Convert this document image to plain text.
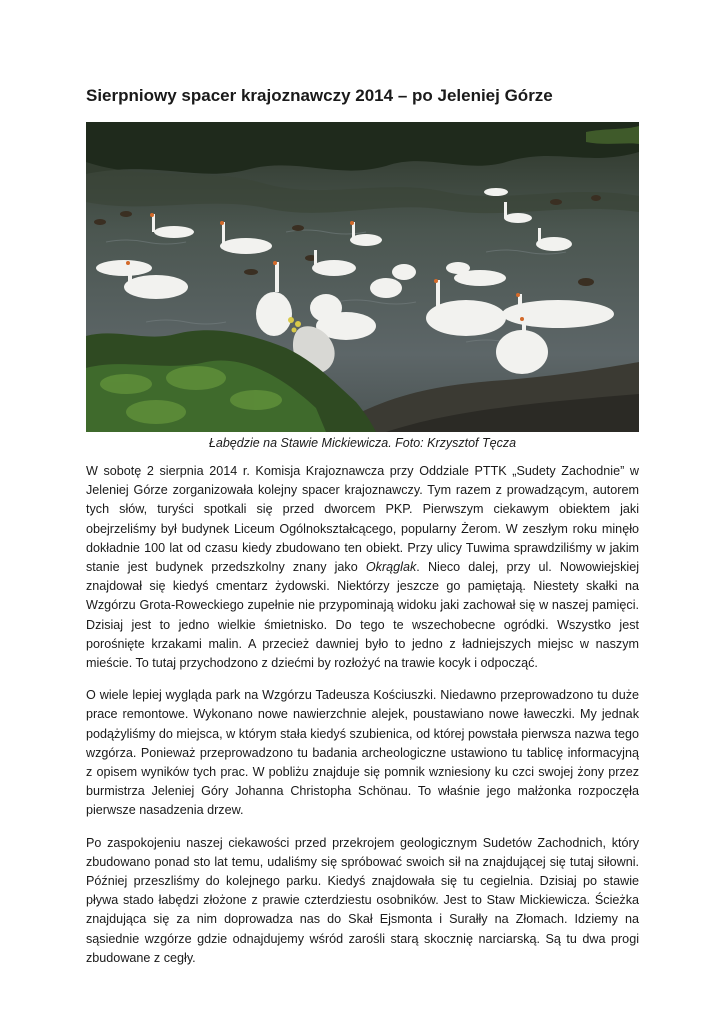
Sierpniowy spacer krajoznawczy 2014 – po Jeleniej Górze

Łabędzie na Stawie Mickiewicza. Foto: Krzysztof Tęcza

W sobotę 2 sierpnia 2014 r. Komisja Krajoznawcza przy Oddziale PTTK „Sudety Zachodnie” w Jeleniej Górze zorganizowała kolejny spacer krajoznawczy. Tym razem z prowadzącym, autorem tych słów, turyści spotkali się przed dworcem PKP. Pierwszym ciekawym obiektem jaki obejrzeliśmy był budynek Liceum Ogólnokształcącego, popularny Żerom. W zeszłym roku minęło dokładnie 100 lat od czasu kiedy zbudowano ten obiekt. Przy ulicy Tuwima sprawdziliśmy w jakim stanie jest budynek przedszkolny znany jako Okrąglak. Nieco dalej, przy ul. Nowowiejskiej znajdował się kiedyś cmentarz żydowski. Niektórzy jeszcze go pamiętają. Niestety skałki na Wzgórzu Grota-Roweckiego zupełnie nie przypominają widoku jaki zachował się w naszej pamięci. Dzisiaj jest to jedno wielkie śmietnisko. Do tego te wszechobecne ogródki. Wszystko jest porośnięte krzakami malin. A przecież dawniej było to jedno z ładniejszych miejsc w naszym mieście. To tutaj przychodzono z dziećmi by rozłożyć na trawie kocyk i odpocząć.

O wiele lepiej wygląda park na Wzgórzu Tadeusza Kościuszki. Niedawno przeprowadzono tu duże prace remontowe. Wykonano nowe nawierzchnie alejek, poustawiano nowe ławeczki. My jednak podążyliśmy do miejsca, w którym stała kiedyś szubienica, od której powstała pierwsza nazwa tego wzgórza. Ponieważ przeprowadzono tu badania archeologiczne ustawiono tu tablicę informacyjną z opisem wyników tych prac. W pobliżu znajduje się pomnik wzniesiony ku czci swojej żony przez burmistrza Jeleniej Góry Johanna Christopha Schönau. To właśnie jego małżonka rozpoczęła pierwsze nasadzenia drzew.

Po zaspokojeniu naszej ciekawości przed przekrojem geologicznym Sudetów Zachodnich, który zbudowano ponad sto lat temu, udaliśmy się spróbować swoich sił na znajdującej się tutaj siłowni. Później przeszliśmy do kolejnego parku. Kiedyś znajdowała się tu cegielnia. Dzisiaj po stawie pływa stado łabędzi złożone z prawie czterdziestu osobników. Jest to Staw Mickiewicza. Ścieżka znajdująca się za nim doprowadza nas do Skał Ejsmonta i Surałły na Złomach. Idziemy na sąsiednie wzgórze gdzie odnajdujemy wśród zarośli starą skocznię narciarską. Są tu dwa progi zbudowane z cegły.
